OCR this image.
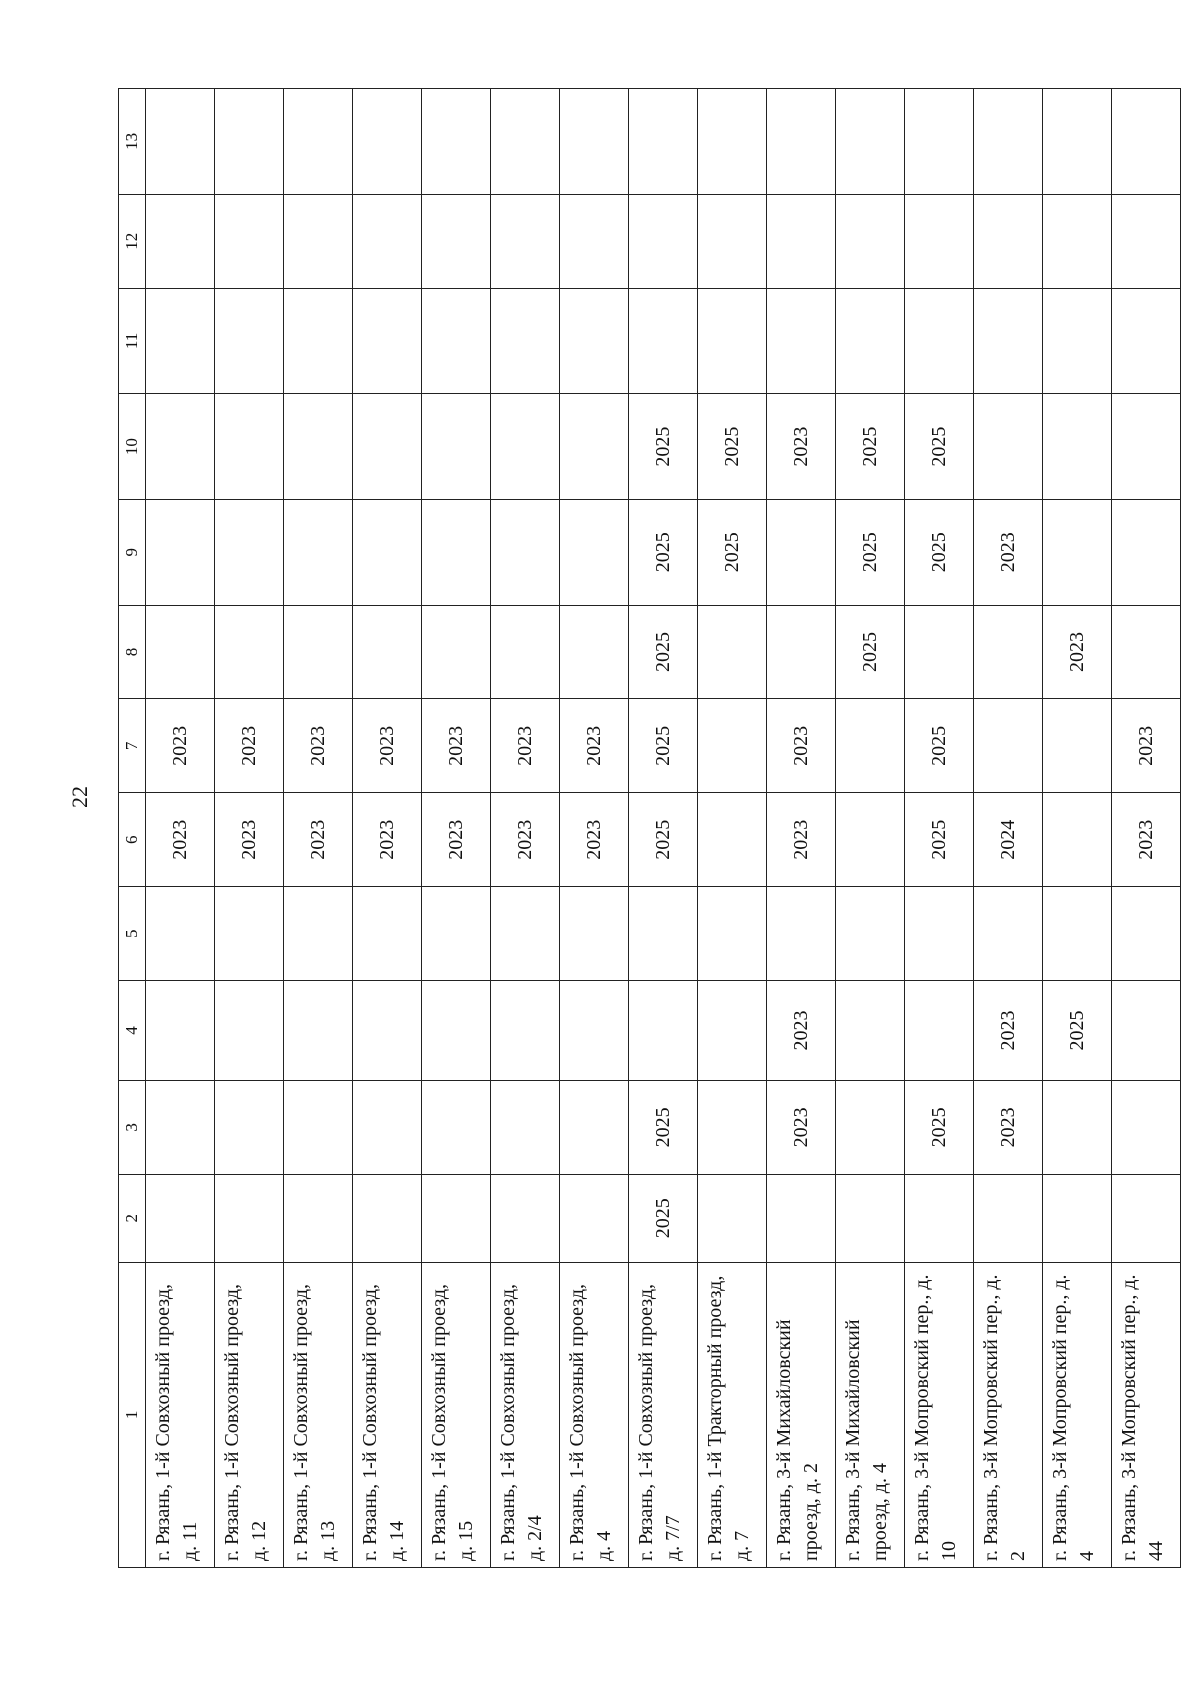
22
1	2	3	4	5	6	7	8	9	10	11	12	13
г. Рязань, 1-й Совхозный проезд, д. 11					2023	2023						
г. Рязань, 1-й Совхозный проезд, д. 12					2023	2023						
г. Рязань, 1-й Совхозный проезд, д. 13					2023	2023						
г. Рязань, 1-й Совхозный проезд, д. 14					2023	2023						
г. Рязань, 1-й Совхозный проезд, д. 15					2023	2023						
г. Рязань, 1-й Совхозный проезд, д. 2/4					2023	2023						
г. Рязань, 1-й Совхозный проезд, д. 4					2023	2023						
г. Рязань, 1-й Совхозный проезд, д. 7/7	2025	2025			2025	2025	2025	2025	2025			
г. Рязань, 1-й Тракторный проезд, д. 7								2025	2025			
г. Рязань, 3-й Михайловский проезд, д. 2		2023	2023		2023	2023			2023			
г. Рязань, 3-й Михайловский проезд, д. 4							2025	2025	2025			
г. Рязань, 3-й Мопровский пер., д. 10		2025			2025	2025		2025	2025			
г. Рязань, 3-й Мопровский пер., д. 2		2023	2023		2024			2023				
г. Рязань, 3-й Мопровский пер., д. 4			2025				2023					
г. Рязань, 3-й Мопровский пер., д. 44					2023	2023						
